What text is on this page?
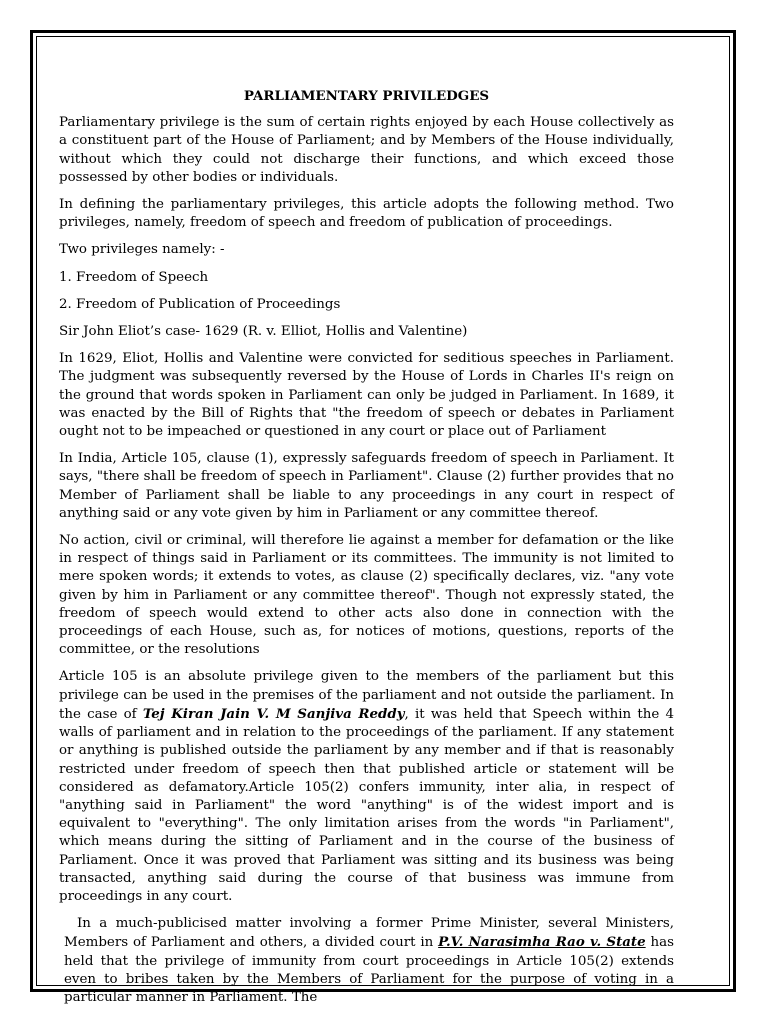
PARLIAMENTARY PRIVILEDGES

Parliamentary privilege is the sum of certain rights enjoyed by each House collectively as a constituent part of the House of Parliament; and by Members of the House individually, without which they could not discharge their functions, and which exceed those possessed by other bodies or individuals.

In defining the parliamentary privileges, this article adopts the following method. Two privileges, namely, freedom of speech and freedom of publication of proceedings.

Two privileges namely: -

1. Freedom of Speech

2. Freedom of Publication of Proceedings

Sir John Eliot’s case- 1629 (R. v. Elliot, Hollis and Valentine)

In 1629, Eliot, Hollis and Valentine were convicted for seditious speeches in Parliament. The judgment was subsequently reversed by the House of Lords in Charles II's reign on the ground that words spoken in Parliament can only be judged in Parliament. In 1689, it was enacted by the Bill of Rights that "the freedom of speech or debates in Parliament ought not to be impeached or questioned in any court or place out of Parliament

In India, Article 105, clause (1), expressly safeguards freedom of speech in Parliament. It says, "there shall be freedom of speech in Parliament". Clause (2) further provides that no Member of Parliament shall be liable to any proceedings in any court in respect of anything said or any vote given by him in Parliament or any committee thereof.

No action, civil or criminal, will therefore lie against a member for defamation or the like in respect of things said in Parliament or its committees. The immunity is not limited to mere spoken words; it extends to votes, as clause (2) specifically declares, viz. "any vote given by him in Parliament or any committee thereof". Though not expressly stated, the freedom of speech would extend to other acts also done in connection with the proceedings of each House, such as, for notices of motions, questions, reports of the committee, or the resolutions

Article 105 is an absolute privilege given to the members of the parliament but this privilege can be used in the premises of the parliament and not outside the parliament. In the case of Tej Kiran Jain V. M Sanjiva Reddy, it was held that Speech within the 4 walls of parliament and in relation to the proceedings of the parliament. If any statement or anything is published outside the parliament by any member and if that is reasonably restricted under freedom of speech then that published article or statement will be considered as defamatory.Article 105(2) confers immunity, inter alia, in respect of "anything said in Parliament" the word "anything" is of the widest import and is equivalent to "everything". The only limitation arises from the words "in Parliament", which means during the sitting of Parliament and in the course of the business of Parliament. Once it was proved that Parliament was sitting and its business was being transacted, anything said during the course of that business was immune from proceedings in any court.

In a much-publicised matter involving a former Prime Minister, several Ministers, Members of Parliament and others, a divided court in P.V. Narasimha Rao v. State has held that the privilege of immunity from court proceedings in Article 105(2) extends even to bribes taken by the Members of Parliament for the purpose of voting in a particular manner in Parliament. The
